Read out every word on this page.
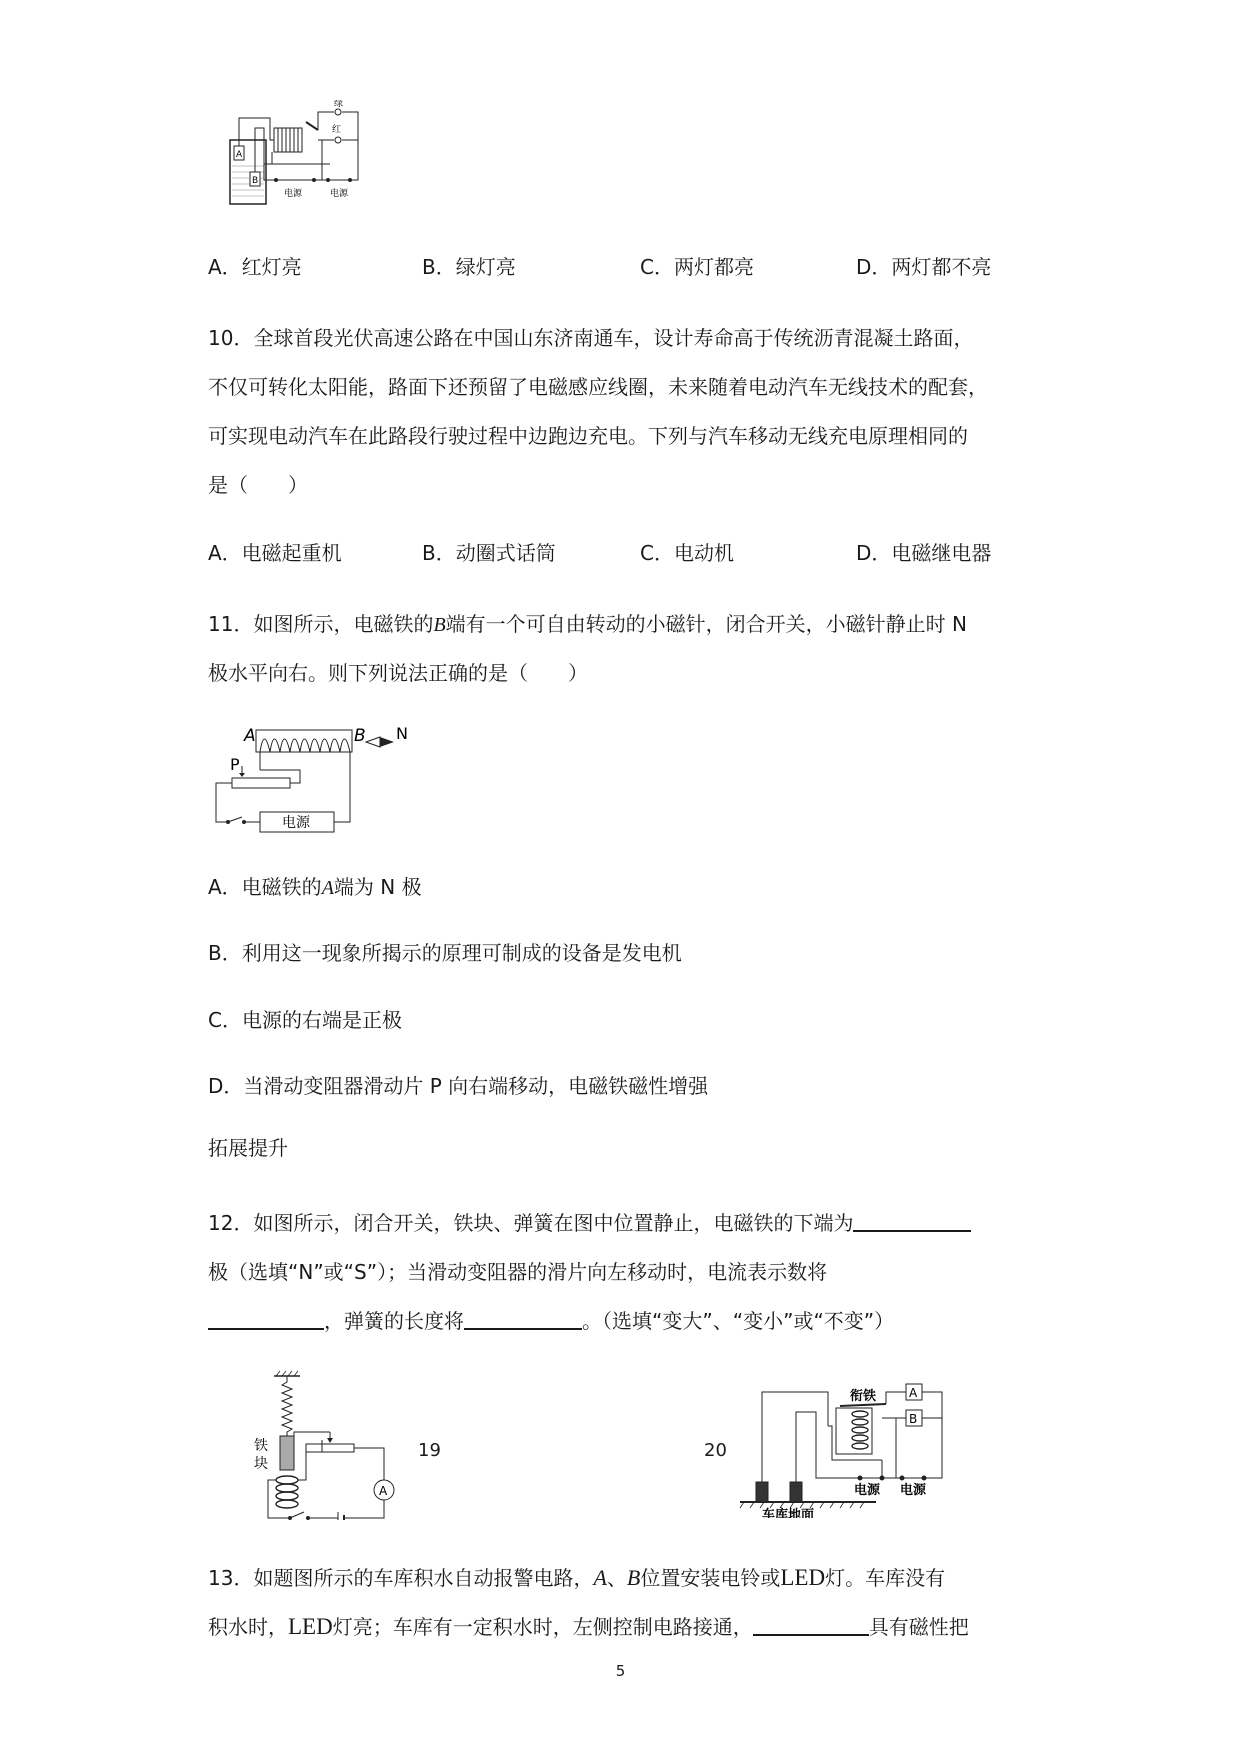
A
B
电源
绿
红
电源
A．红灯亮	B．绿灯亮	C．两灯都亮	D．两灯都不亮
10．全球首段光伏高速公路在中国山东济南通车，设计寿命高于传统沥青混凝土路面，
不仅可转化太阳能，路面下还预留了电磁感应线圈，未来随着电动汽车无线技术的配套，
可实现电动汽车在此路段行驶过程中边跑边充电。下列与汽车移动无线充电原理相同的
是（　　）
A．电磁起重机	B．动圈式话筒	C．电动机	D．电磁继电器
11．如图所示，电磁铁的B端有一个可自由转动的小磁针，闭合开关，小磁针静止时 N
极水平向右。则下列说法正确的是（　　）
A	B N
P
电源
A．电磁铁的A端为 N 极
B．利用这一现象所揭示的原理可制成的设备是发电机
C．电源的右端是正极
D．当滑动变阻器滑动片 P 向右端移动，电磁铁磁性增强
拓展提升
12．如图所示，闭合开关，铁块、弹簧在图中位置静止，电磁铁的下端为
极（选填“N”或“S”）；当滑动变阻器的滑片向左移动时，电流表示数将
，弹簧的长度将	。（选填“变大”、“变小”或“不变”）
铁
块
A
19	20
车库地面
衔铁	A
B
电源 电源
13．如题图所示的车库积水自动报警电路，A、B位置安装电铃或LED灯。车库没有
积水时，LED灯亮；车库有一定积水时，左侧控制电路接通，	具有磁性把
5
